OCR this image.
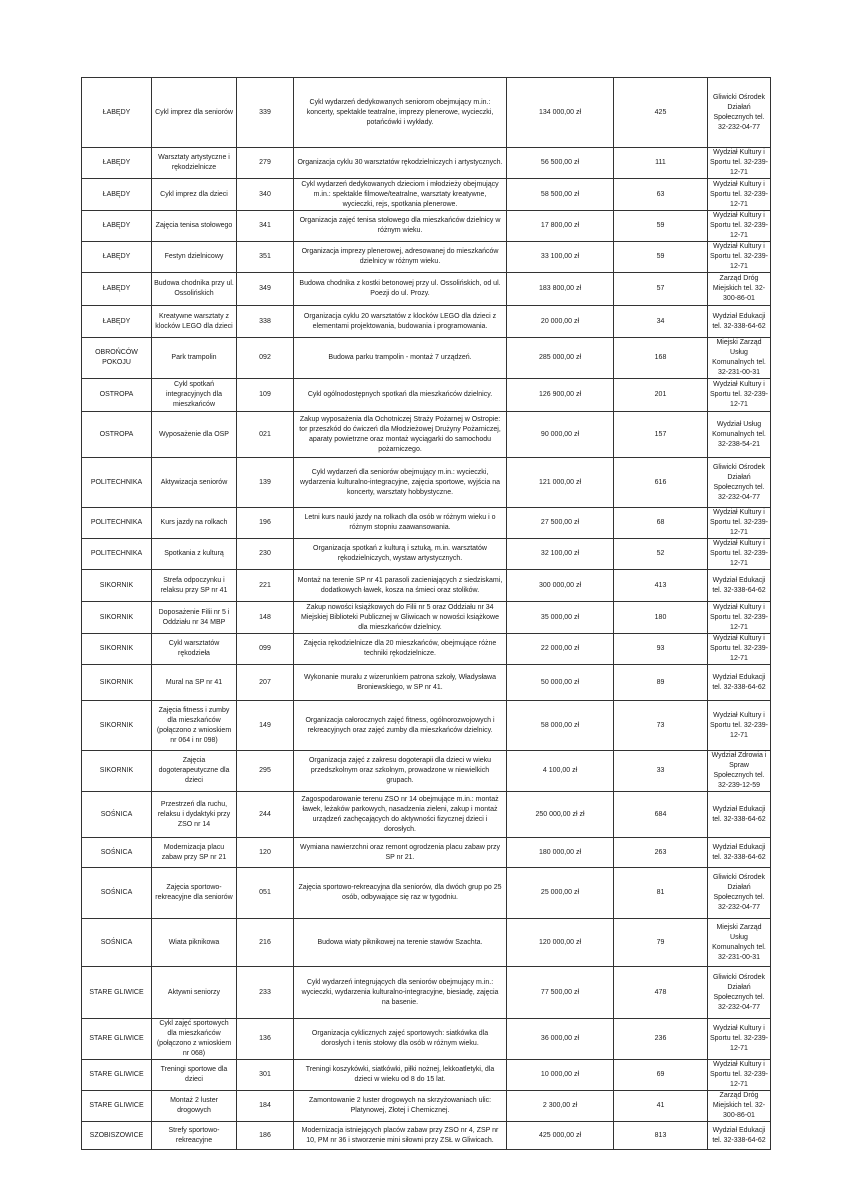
ŁABĘDY	Cykl imprez dla seniorów	339	Cykl wydarzeń dedykowanych seniorom obejmujący m.in.: koncerty, spektakle teatralne, imprezy plenerowe, wycieczki, potańcówki i wykłady.	134 000,00 zł	425	Gliwicki Ośrodek Działań Społecznych tel. 32-232-04-77
ŁABĘDY	Warsztaty artystyczne i rękodzielnicze	279	Organizacja cyklu 30 warsztatów rękodzielniczych i artystycznych.	56 500,00 zł	111	Wydział Kultury i Sportu tel. 32-239-12-71
ŁABĘDY	Cykl imprez dla dzieci	340	Cykl wydarzeń dedykowanych dzieciom i młodzieży obejmujący m.in.: spektakle filmowe/teatralne, warsztaty kreatywne, wycieczki, rejs, spotkania plenerowe.	58 500,00 zł	63	Wydział Kultury i Sportu tel. 32-239-12-71
ŁABĘDY	Zajęcia tenisa stołowego	341	Organizacja zajęć tenisa stołowego dla mieszkańców dzielnicy w różnym wieku.	17 800,00 zł	59	Wydział Kultury i Sportu tel. 32-239-12-71
ŁABĘDY	Festyn dzielnicowy	351	Organizacja imprezy plenerowej, adresowanej do mieszkańców dzielnicy w różnym wieku.	33 100,00 zł	59	Wydział Kultury i Sportu tel. 32-239-12-71
ŁABĘDY	Budowa chodnika przy ul. Ossolińskich	349	Budowa chodnika z kostki betonowej przy ul. Ossolińskich, od ul. Poezji do ul. Prozy.	183 800,00 zł	57	Zarząd Dróg Miejskich tel. 32-300-86-01
ŁABĘDY	Kreatywne warsztaty z klocków LEGO dla dzieci	338	Organizacja cyklu 20 warsztatów z klocków LEGO dla dzieci z elementami projektowania, budowania i programowania.	20 000,00 zł	34	Wydział Edukacji tel. 32-338-64-62
OBROŃCÓW POKOJU	Park trampolin	092	Budowa parku trampolin - montaż 7 urządzeń.	285 000,00 zł	168	Miejski Zarząd Usług Komunalnych tel. 32-231-00-31
OSTROPA	Cykl spotkań integracyjnych dla mieszkańców	109	Cykl ogólnodostępnych spotkań dla mieszkańców dzielnicy.	126 900,00 zł	201	Wydział Kultury i Sportu tel. 32-239-12-71
OSTROPA	Wyposażenie dla OSP	021	Zakup wyposażenia dla Ochotniczej Straży Pożarnej w Ostropie: tor przeszkód do ćwiczeń dla Młodzieżowej Drużyny Pożarniczej, aparaty powietrzne oraz montaż wyciągarki do samochodu pożarniczego.	90 000,00 zł	157	Wydział Usług Komunalnych tel. 32-238-54-21
POLITECHNIKA	Aktywizacja seniorów	139	Cykl wydarzeń dla seniorów obejmujący m.in.: wycieczki, wydarzenia kulturalno-integracyjne, zajęcia sportowe, wyjścia na koncerty, warsztaty hobbystyczne.	121 000,00 zł	616	Gliwicki Ośrodek Działań Społecznych tel. 32-232-04-77
POLITECHNIKA	Kurs jazdy na rolkach	196	Letni kurs nauki jazdy na rolkach dla osób w różnym wieku i o różnym stopniu zaawansowania.	27 500,00 zł	68	Wydział Kultury i Sportu tel. 32-239-12-71
POLITECHNIKA	Spotkania z kulturą	230	Organizacja spotkań z kulturą i sztuką, m.in. warsztatów rękodzielniczych, wystaw artystycznych.	32 100,00 zł	52	Wydział Kultury i Sportu tel. 32-239-12-71
SIKORNIK	Strefa odpoczynku i relaksu przy SP nr 41	221	Montaż na terenie SP nr 41 parasoli zacieniających z siedziskami, dodatkowych ławek, kosza na śmieci oraz stolików.	300 000,00 zł	413	Wydział Edukacji tel. 32-338-64-62
SIKORNIK	Doposażenie Filii nr 5 i Oddziału nr 34 MBP	148	Zakup nowości książkowych do Filii nr 5 oraz Oddziału nr 34 Miejskiej Biblioteki Publicznej w Gliwicach w nowości książkowe dla mieszkańców dzielnicy.	35 000,00 zł	180	Wydział Kultury i Sportu tel. 32-239-12-71
SIKORNIK	Cykl warsztatów rękodzieła	099	Zajęcia rękodzielnicze dla 20 mieszkańców, obejmujące różne techniki rękodzielnicze.	22 000,00 zł	93	Wydział Kultury i Sportu tel. 32-239-12-71
SIKORNIK	Mural na SP nr 41	207	Wykonanie muralu z wizerunkiem patrona szkoły, Władysława Broniewskiego, w SP nr 41.	50 000,00 zł	89	Wydział Edukacji tel. 32-338-64-62
SIKORNIK	Zajęcia fitness i zumby dla mieszkańców (połączono z wnioskiem nr 064 i nr 098)	149	Organizacja całorocznych zajęć fitness, ogólnorozwojowych i rekreacyjnych oraz zajęć zumby dla mieszkańców dzielnicy.	58 000,00 zł	73	Wydział Kultury i Sportu tel. 32-239-12-71
SIKORNIK	Zajęcia dogoterapeutyczne dla dzieci	295	Organizacja zajęć z zakresu dogoterapii dla dzieci w wieku przedszkolnym oraz szkolnym, prowadzone w niewielkich grupach.	4 100,00 zł	33	Wydział Zdrowia i Spraw Społecznych tel. 32-239-12-59
SOŚNICA	Przestrzeń dla ruchu, relaksu i dydaktyki przy ZSO nr 14	244	Zagospodarowanie terenu ZSO nr 14 obejmujące m.in.: montaż ławek, leżaków parkowych, nasadzenia zieleni, zakup i montaż urządzeń zachęcających do aktywności fizycznej dzieci i dorosłych.	250 000,00 zł zł	684	Wydział Edukacji tel. 32-338-64-62
SOŚNICA	Modernizacja placu zabaw przy SP nr 21	120	Wymiana nawierzchni oraz remont ogrodzenia placu zabaw przy SP nr 21.	180 000,00 zł	263	Wydział Edukacji tel. 32-338-64-62
SOŚNICA	Zajęcia sportowo-rekreacyjne dla seniorów	051	Zajęcia sportowo-rekreacyjna dla seniorów, dla dwóch grup po 25 osób, odbywające się raz w tygodniu.	25 000,00 zł	81	Gliwicki Ośrodek Działań Społecznych tel. 32-232-04-77
SOŚNICA	Wiata piknikowa	216	Budowa wiaty piknikowej na terenie stawów Szachta.	120 000,00 zł	79	Miejski Zarząd Usług Komunalnych tel. 32-231-00-31
STARE GLIWICE	Aktywni seniorzy	233	Cykl wydarzeń integrujących dla seniorów obejmujący m.in.: wycieczki, wydarzenia kulturalno-integracyjne, biesiadę, zajęcia na basenie.	77 500,00 zł	478	Gliwicki Ośrodek Działań Społecznych tel. 32-232-04-77
STARE GLIWICE	Cykl zajęć sportowych dla mieszkańców (połączono z wnioskiem nr 068)	136	Organizacja cyklicznych zajęć sportowych: siatkówka dla dorosłych i tenis stołowy dla osób w różnym wieku.	36 000,00 zł	236	Wydział Kultury i Sportu tel. 32-239-12-71
STARE GLIWICE	Treningi sportowe dla dzieci	301	Treningi koszykówki, siatkówki, piłki nożnej, lekkoatletyki, dla dzieci w wieku od 8 do 15 lat.	10 000,00 zł	69	Wydział Kultury i Sportu tel. 32-239-12-71
STARE GLIWICE	Montaż 2 luster drogowych	184	Zamontowanie 2 luster drogowych na skrzyżowaniach ulic: Platynowej, Złotej i Chemicznej.	2 300,00 zł	41	Zarząd Dróg Miejskich tel. 32-300-86-01
SZOBISZOWICE	Strefy sportowo-rekreacyjne	186	Modernizacja istniejących placów zabaw przy ZSO nr 4, ZSP nr 10, PM nr 36 i stworzenie mini siłowni przy ZSŁ w Gliwicach.	425 000,00 zł	813	Wydział Edukacji tel. 32-338-64-62
